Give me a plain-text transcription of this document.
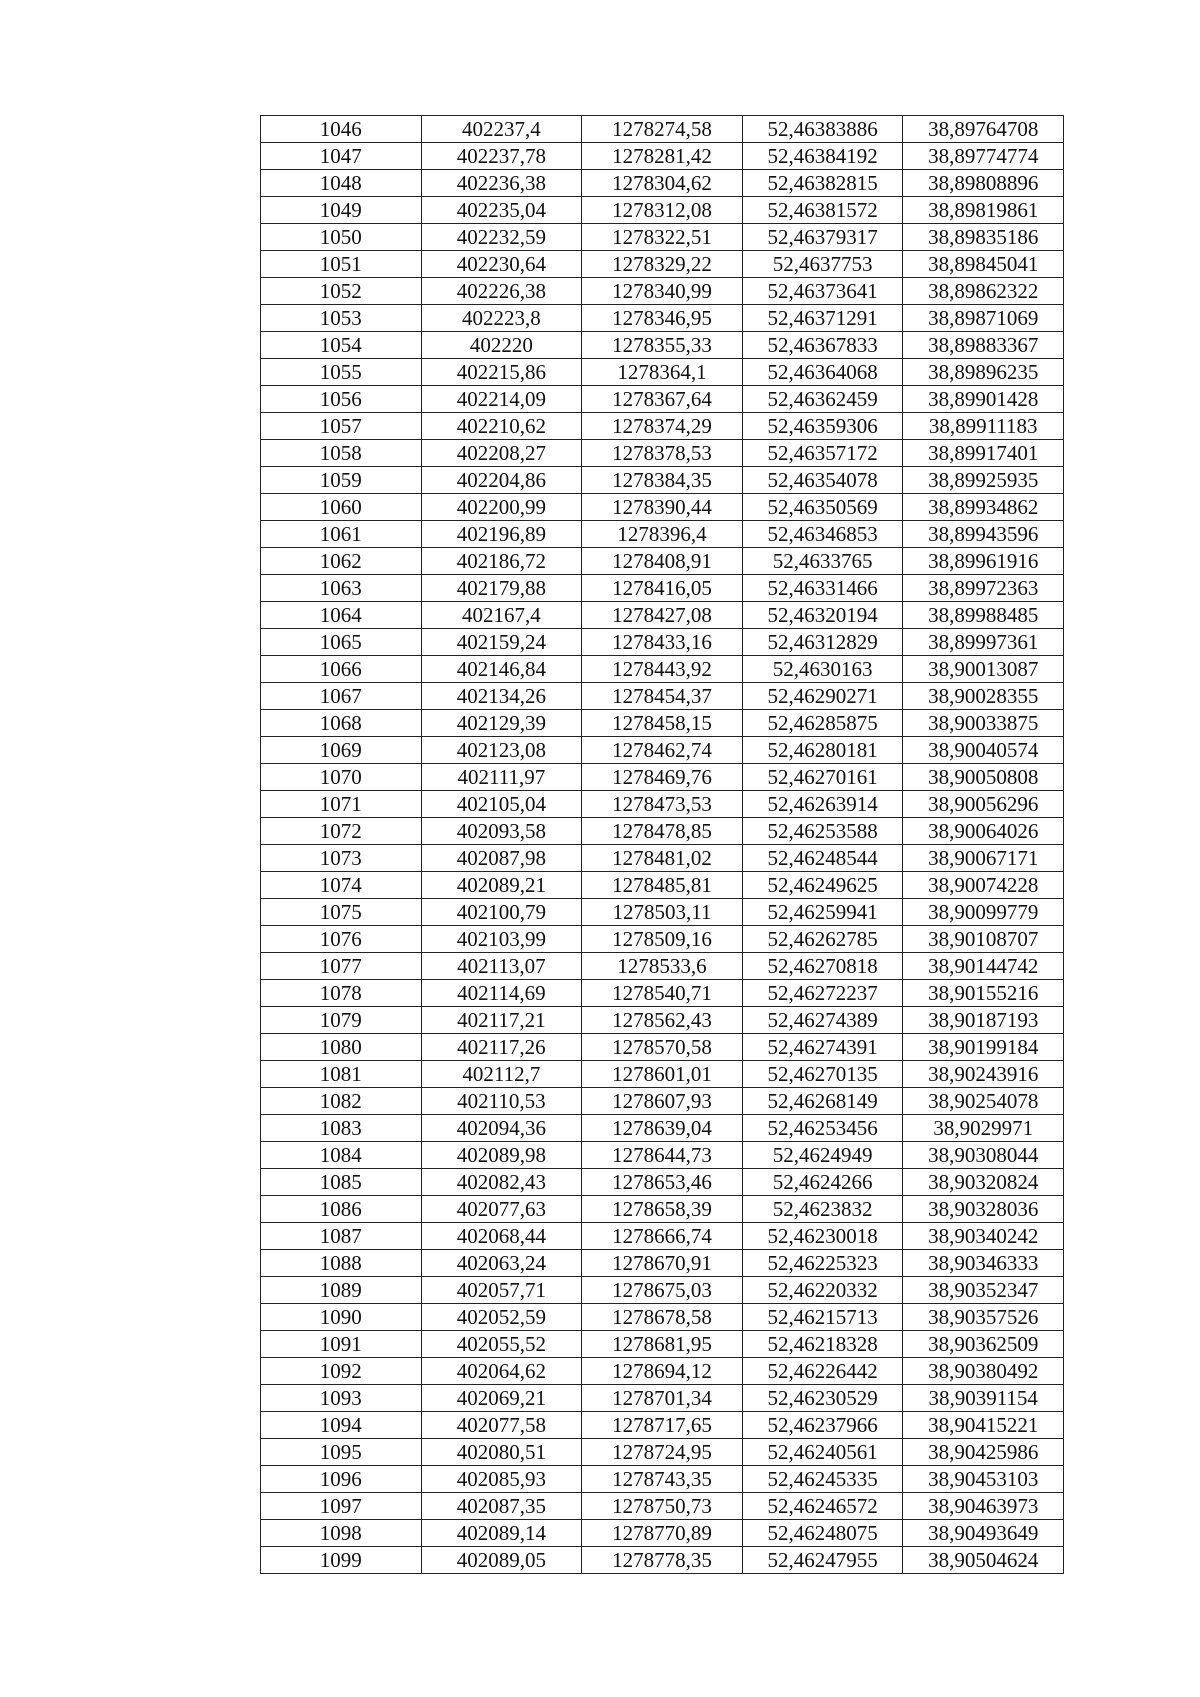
1046	402237,4	1278274,58	52,46383886	38,89764708
1047	402237,78	1278281,42	52,46384192	38,89774774
1048	402236,38	1278304,62	52,46382815	38,89808896
1049	402235,04	1278312,08	52,46381572	38,89819861
1050	402232,59	1278322,51	52,46379317	38,89835186
1051	402230,64	1278329,22	52,4637753	38,89845041
1052	402226,38	1278340,99	52,46373641	38,89862322
1053	402223,8	1278346,95	52,46371291	38,89871069
1054	402220	1278355,33	52,46367833	38,89883367
1055	402215,86	1278364,1	52,46364068	38,89896235
1056	402214,09	1278367,64	52,46362459	38,89901428
1057	402210,62	1278374,29	52,46359306	38,89911183
1058	402208,27	1278378,53	52,46357172	38,89917401
1059	402204,86	1278384,35	52,46354078	38,89925935
1060	402200,99	1278390,44	52,46350569	38,89934862
1061	402196,89	1278396,4	52,46346853	38,89943596
1062	402186,72	1278408,91	52,4633765	38,89961916
1063	402179,88	1278416,05	52,46331466	38,89972363
1064	402167,4	1278427,08	52,46320194	38,89988485
1065	402159,24	1278433,16	52,46312829	38,89997361
1066	402146,84	1278443,92	52,4630163	38,90013087
1067	402134,26	1278454,37	52,46290271	38,90028355
1068	402129,39	1278458,15	52,46285875	38,90033875
1069	402123,08	1278462,74	52,46280181	38,90040574
1070	402111,97	1278469,76	52,46270161	38,90050808
1071	402105,04	1278473,53	52,46263914	38,90056296
1072	402093,58	1278478,85	52,46253588	38,90064026
1073	402087,98	1278481,02	52,46248544	38,90067171
1074	402089,21	1278485,81	52,46249625	38,90074228
1075	402100,79	1278503,11	52,46259941	38,90099779
1076	402103,99	1278509,16	52,46262785	38,90108707
1077	402113,07	1278533,6	52,46270818	38,90144742
1078	402114,69	1278540,71	52,46272237	38,90155216
1079	402117,21	1278562,43	52,46274389	38,90187193
1080	402117,26	1278570,58	52,46274391	38,90199184
1081	402112,7	1278601,01	52,46270135	38,90243916
1082	402110,53	1278607,93	52,46268149	38,90254078
1083	402094,36	1278639,04	52,46253456	38,9029971
1084	402089,98	1278644,73	52,4624949	38,90308044
1085	402082,43	1278653,46	52,4624266	38,90320824
1086	402077,63	1278658,39	52,4623832	38,90328036
1087	402068,44	1278666,74	52,46230018	38,90340242
1088	402063,24	1278670,91	52,46225323	38,90346333
1089	402057,71	1278675,03	52,46220332	38,90352347
1090	402052,59	1278678,58	52,46215713	38,90357526
1091	402055,52	1278681,95	52,46218328	38,90362509
1092	402064,62	1278694,12	52,46226442	38,90380492
1093	402069,21	1278701,34	52,46230529	38,90391154
1094	402077,58	1278717,65	52,46237966	38,90415221
1095	402080,51	1278724,95	52,46240561	38,90425986
1096	402085,93	1278743,35	52,46245335	38,90453103
1097	402087,35	1278750,73	52,46246572	38,90463973
1098	402089,14	1278770,89	52,46248075	38,90493649
1099	402089,05	1278778,35	52,46247955	38,90504624
